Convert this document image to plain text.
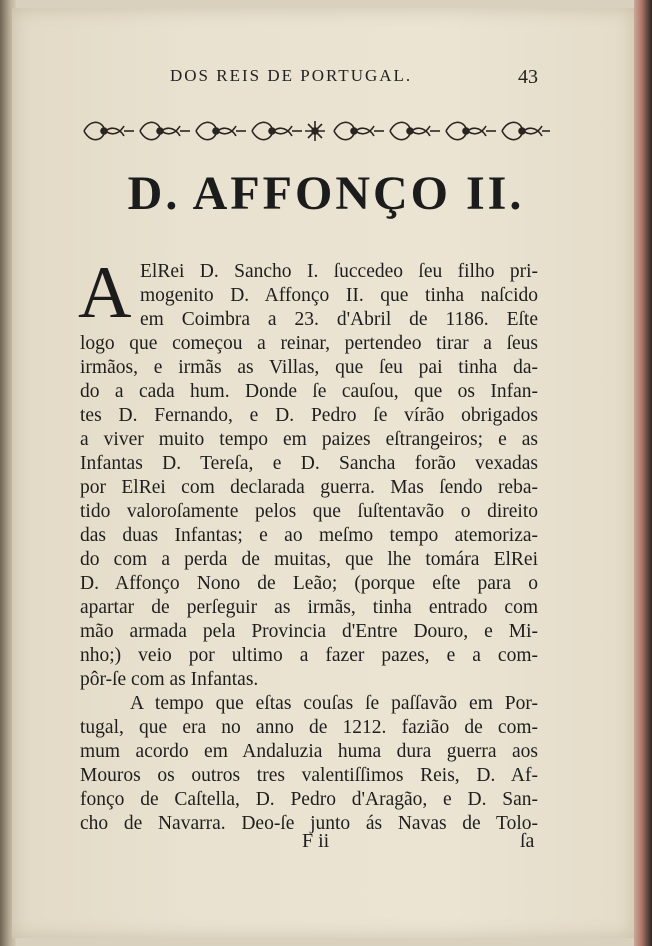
DOS REIS DE PORTUGAL.	43
D. AFFONÇO II.
A ElRei D. Sancho I. ſuccedeo ſeu filho pri-
mogenito D. Affonço II. que tinha naſcido
em Coimbra a 23. d'Abril de 1186. Eſte
logo que começou a reinar, pertendeo tirar a ſeus
irmãos, e irmãs as Villas, que ſeu pai tinha da-
do a cada hum. Donde ſe cauſou, que os Infan-
tes D. Fernando, e D. Pedro ſe vírão obrigados
a viver muito tempo em paizes eſtrangeiros; e as
Infantas D. Tereſa, e D. Sancha forão vexadas
por ElRei com declarada guerra. Mas ſendo reba-
tido valoroſamente pelos que ſuſtentavão o direito
das duas Infantas; e ao meſmo tempo atemoriza-
do com a perda de muitas, que lhe tomára ElRei
D. Affonço Nono de Leão; (porque eſte para o
apartar de perſeguir as irmãs, tinha entrado com
mão armada pela Provincia d'Entre Douro, e Mi-
nho;) veio por ultimo a fazer pazes, e a com-
pôr-ſe com as Infantas.
A tempo que eſtas couſas ſe paſſavão em Por-
tugal, que era no anno de 1212. fazião de com-
mum acordo em Andaluzia huma dura guerra aos
Mouros os outros tres valentiſſimos Reis, D. Af-
fonço de Caſtella, D. Pedro d'Aragão, e D. San-
cho de Navarra. Deo-ſe junto ás Navas de Tolo-
F ii	ſa
